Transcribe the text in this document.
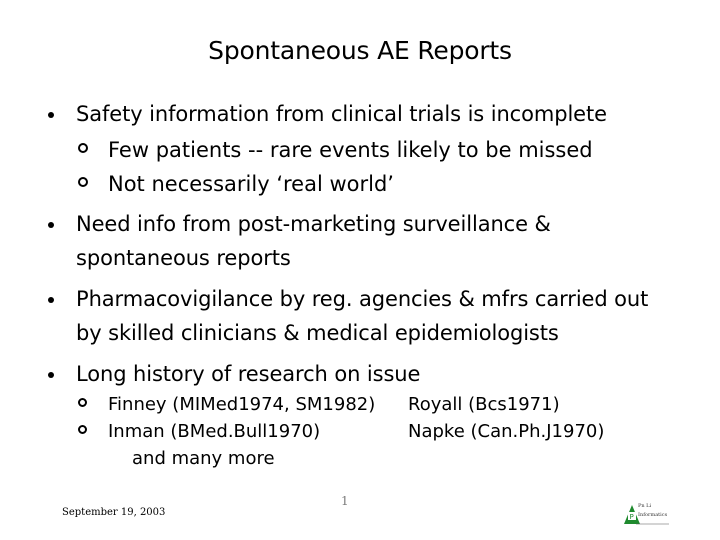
Spontaneous AE Reports
Safety information from clinical trials is incomplete
Few patients -- rare events likely to be missed
Not necessarily ‘real world’
Need info from post-marketing surveillance &
spontaneous reports
Pharmacovigilance by reg. agencies & mfrs carried out
by skilled clinicians & medical epidemiologists
Long history of research on issue
Finney (MIMed1974, SM1982)
Inman (BMed.Bull1970)
Royall (Bcs1971)
Napke (Can.Ph.J1970)
and many more
September 19, 2003
1
P
Pn Li
Informatics
